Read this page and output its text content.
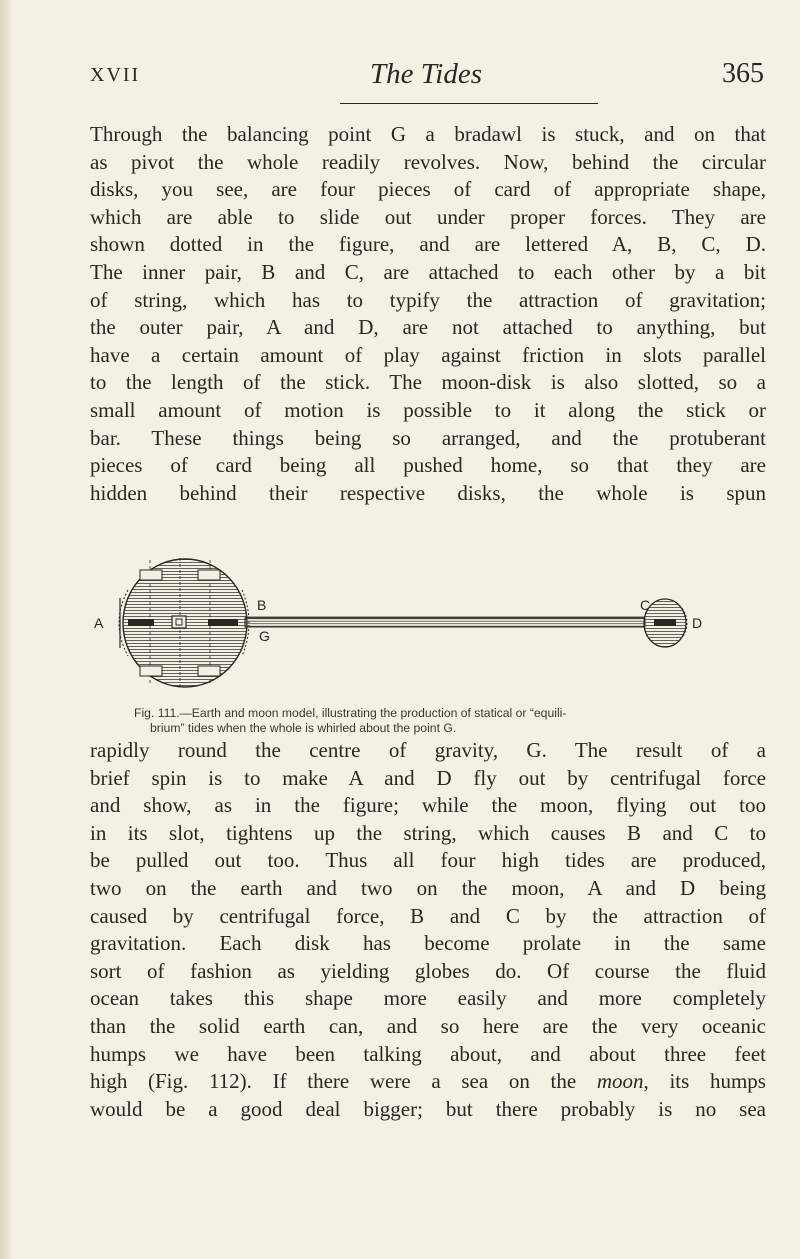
XVII	The Tides	365
Through the balancing point G a bradawl is stuck, and on that
as pivot the whole readily revolves. Now, behind the circular
disks, you see, are four pieces of card of appropriate shape,
which are able to slide out under proper forces. They are
shown dotted in the figure, and are lettered A, B, C, D.
The inner pair, B and C, are attached to each other by a bit
of string, which has to typify the attraction of gravitation;
the outer pair, A and D, are not attached to anything, but
have a certain amount of play against friction in slots parallel
to the length of the stick. The moon-disk is also slotted, so a
small amount of motion is possible to it along the stick or
bar. These things being so arranged, and the protuberant
pieces of card being all pushed home, so that they are
hidden behind their respective disks, the whole is spun
A
B
G
C
D
Fig. 111.—Earth and moon model, illustrating the production of statical or “equili-
brium” tides when the whole is whirled about the point G.
rapidly round the centre of gravity, G. The result of a
brief spin is to make A and D fly out by centrifugal force
and show, as in the figure; while the moon, flying out too
in its slot, tightens up the string, which causes B and C to
be pulled out too. Thus all four high tides are produced,
two on the earth and two on the moon, A and D being
caused by centrifugal force, B and C by the attraction of
gravitation. Each disk has become prolate in the same
sort of fashion as yielding globes do. Of course the fluid
ocean takes this shape more easily and more completely
than the solid earth can, and so here are the very oceanic
humps we have been talking about, and about three feet
high (Fig. 112). If there were a sea on the moon, its humps
would be a good deal bigger; but there probably is no sea
